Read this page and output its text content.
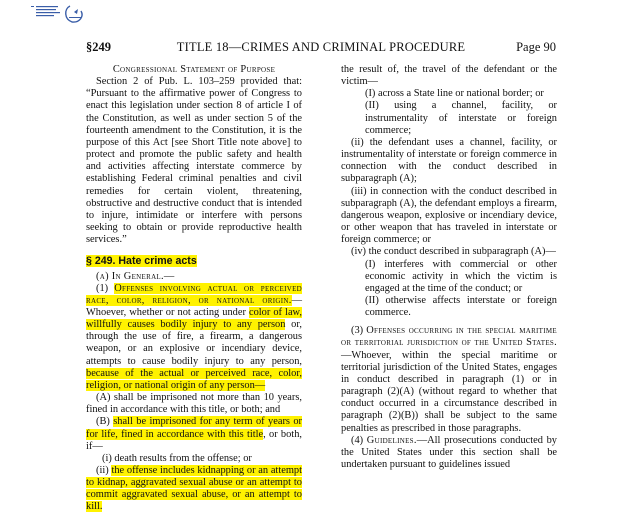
§249	TITLE 18—CRIMES AND CRIMINAL PROCEDURE	Page 90

Congressional Statement of Purpose

Section 2 of Pub. L. 103–259 provided that: “Pursuant to the affirmative power of Congress to enact this legislation under section 8 of article I of the Constitution, as well as under section 5 of the fourteenth amendment to the Constitution, it is the purpose of this Act [see Short Title note above] to protect and promote the public safety and health and activities affecting interstate commerce by establishing Federal criminal penalties and civil remedies for certain violent, threatening, obstructive and destructive conduct that is intended to injure, intimidate or interfere with persons seeking to obtain or provide reproductive health services.”

§ 249. Hate crime acts

(a) In General.—

(1) Offenses involving actual or perceived race, color, religion, or national origin.—Whoever, whether or not acting under color of law, willfully causes bodily injury to any person or, through the use of fire, a firearm, a dangerous weapon, or an explosive or incendiary device, attempts to cause bodily injury to any person, because of the actual or perceived race, color, religion, or national origin of any person—

(A) shall be imprisoned not more than 10 years, fined in accordance with this title, or both; and

(B) shall be imprisoned for any term of years or for life, fined in accordance with this title, or both, if—

(i) death results from the offense; or

(ii) the offense includes kidnapping or an attempt to kidnap, aggravated sexual abuse or an attempt to commit aggravated sexual abuse, or an attempt to kill.

the result of, the travel of the defendant or the victim—

(I) across a State line or national border; or

(II) using a channel, facility, or instrumentality of interstate or foreign commerce;

(ii) the defendant uses a channel, facility, or instrumentality of interstate or foreign commerce in connection with the conduct described in subparagraph (A);

(iii) in connection with the conduct described in subparagraph (A), the defendant employs a firearm, dangerous weapon, explosive or incendiary device, or other weapon that has traveled in interstate or foreign commerce; or

(iv) the conduct described in subparagraph (A)—

(I) interferes with commercial or other economic activity in which the victim is engaged at the time of the conduct; or

(II) otherwise affects interstate or foreign commerce.

(3) Offenses occurring in the special maritime or territorial jurisdiction of the United States.—Whoever, within the special maritime or territorial jurisdiction of the United States, engages in conduct described in paragraph (1) or in paragraph (2)(A) (without regard to whether that conduct occurred in a circumstance described in paragraph (2)(B)) shall be subject to the same penalties as prescribed in those paragraphs.

(4) Guidelines.—All prosecutions conducted by the United States under this section shall be undertaken pursuant to guidelines issued
